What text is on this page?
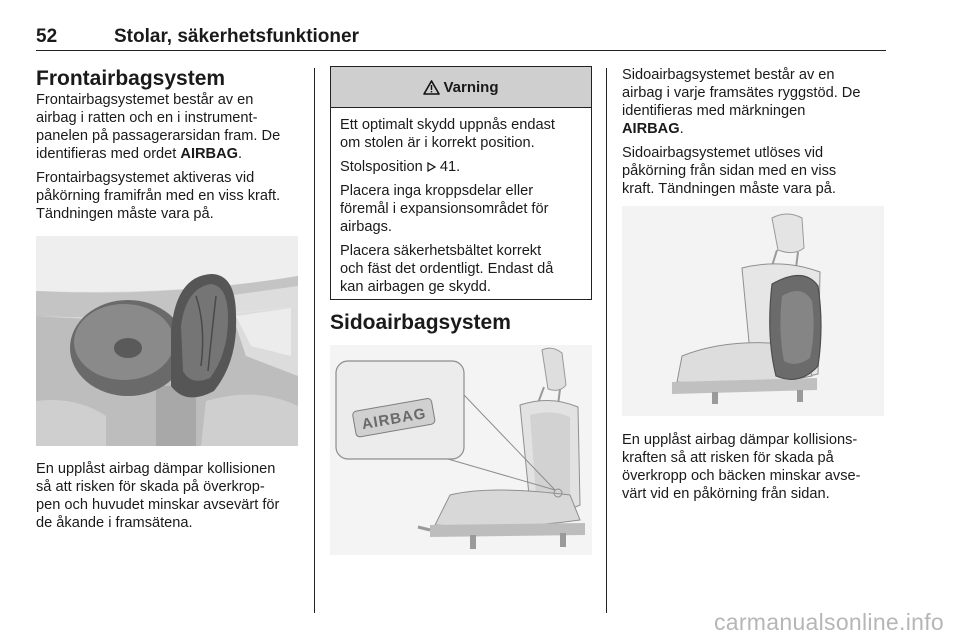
52	Stolar, säkerhetsfunktioner
Frontairbagsystem

Frontairbagsystemet består av en
airbag i ratten och en i instrument-
panelen på passagerarsidan fram. De
identifieras med ordet AIRBAG.

Frontairbagsystemet aktiveras vid
påkörning framifrån med en viss kraft.
Tändningen måste vara på.

En upplåst airbag dämpar kollisionen
så att risken för skada på överkrop-
pen och huvudet minskar avsevärt för
de åkande i framsätena.

Varning

Ett optimalt skydd uppnås endast
om stolen är i korrekt position.

Stolsposition 41.

Placera inga kroppsdelar eller
föremål i expansionsområdet för
airbags.

Placera säkerhetsbältet korrekt
och fäst det ordentligt. Endast då
kan airbagen ge skydd.

Sidoairbagsystem
AIRBAG

Sidoairbagsystemet består av en
airbag i varje framsätes ryggstöd. De
identifieras med märkningen
AIRBAG.

Sidoairbagsystemet utlöses vid
påkörning från sidan med en viss
kraft. Tändningen måste vara på.

En upplåst airbag dämpar kollisions-
kraften så att risken för skada på
överkropp och bäcken minskar avse-
värt vid en påkörning från sidan.

carmanualsonline.info
